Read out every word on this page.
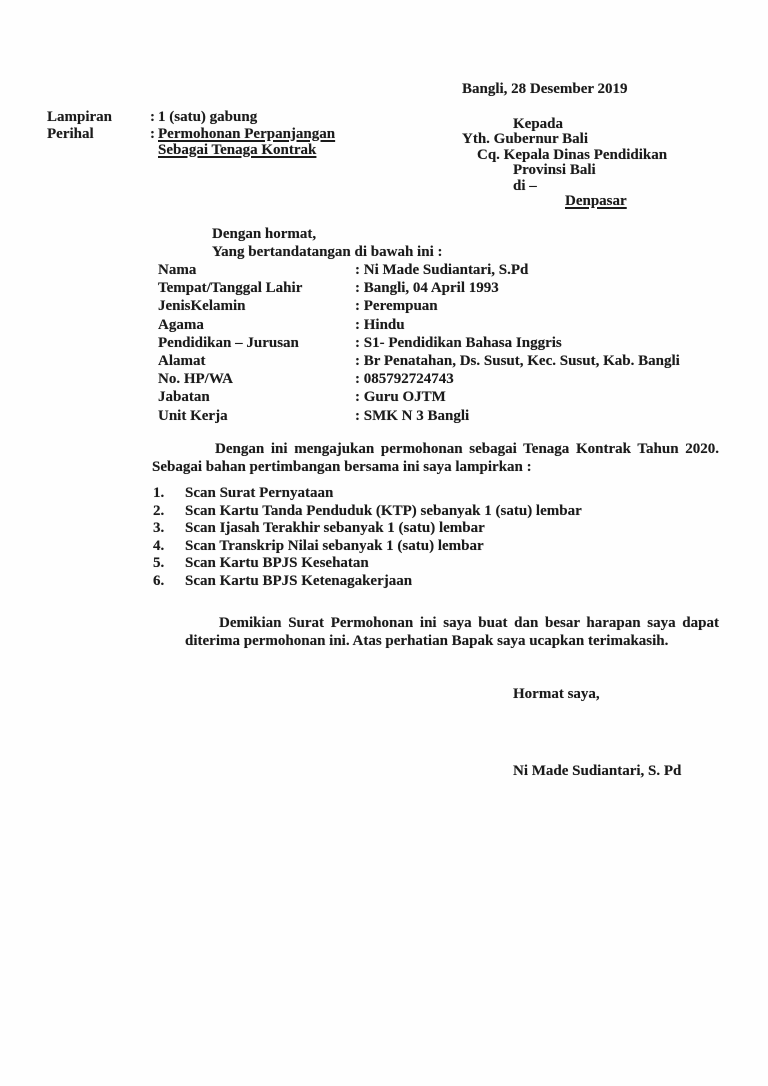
Bangli, 28 Desember 2019
Lampiran	: 1 (satu) gabung
Perihal	: Permohonan Perpanjangan
Sebagai Tenaga Kontrak
Kepada
Yth. Gubernur Bali
Cq. Kepala Dinas Pendidikan
Provinsi Bali
di –
Denpasar
Dengan hormat,
Yang bertandatangan di bawah ini :
Nama	: Ni Made Sudiantari, S.Pd
Tempat/Tanggal Lahir	: Bangli, 04 April 1993
JenisKelamin	: Perempuan
Agama	: Hindu
Pendidikan – Jurusan	: S1- Pendidikan Bahasa Inggris
Alamat	: Br Penatahan, Ds. Susut, Kec. Susut, Kab. Bangli
No. HP/WA	: 085792724743
Jabatan	: Guru OJTM
Unit Kerja	: SMK N 3 Bangli
Dengan ini mengajukan permohonan sebagai Tenaga Kontrak Tahun 2020. Sebagai bahan pertimbangan bersama ini saya lampirkan :
1.	Scan Surat Pernyataan
2.	Scan Kartu Tanda Penduduk (KTP) sebanyak 1 (satu) lembar
3.	Scan Ijasah Terakhir sebanyak 1 (satu) lembar
4.	Scan Transkrip Nilai sebanyak 1 (satu) lembar
5.	Scan Kartu BPJS Kesehatan
6.	Scan Kartu BPJS Ketenagakerjaan
Demikian Surat Permohonan ini saya buat dan besar harapan saya dapat diterima permohonan ini. Atas perhatian Bapak saya ucapkan terimakasih.
Hormat saya,
Ni Made Sudiantari, S. Pd
